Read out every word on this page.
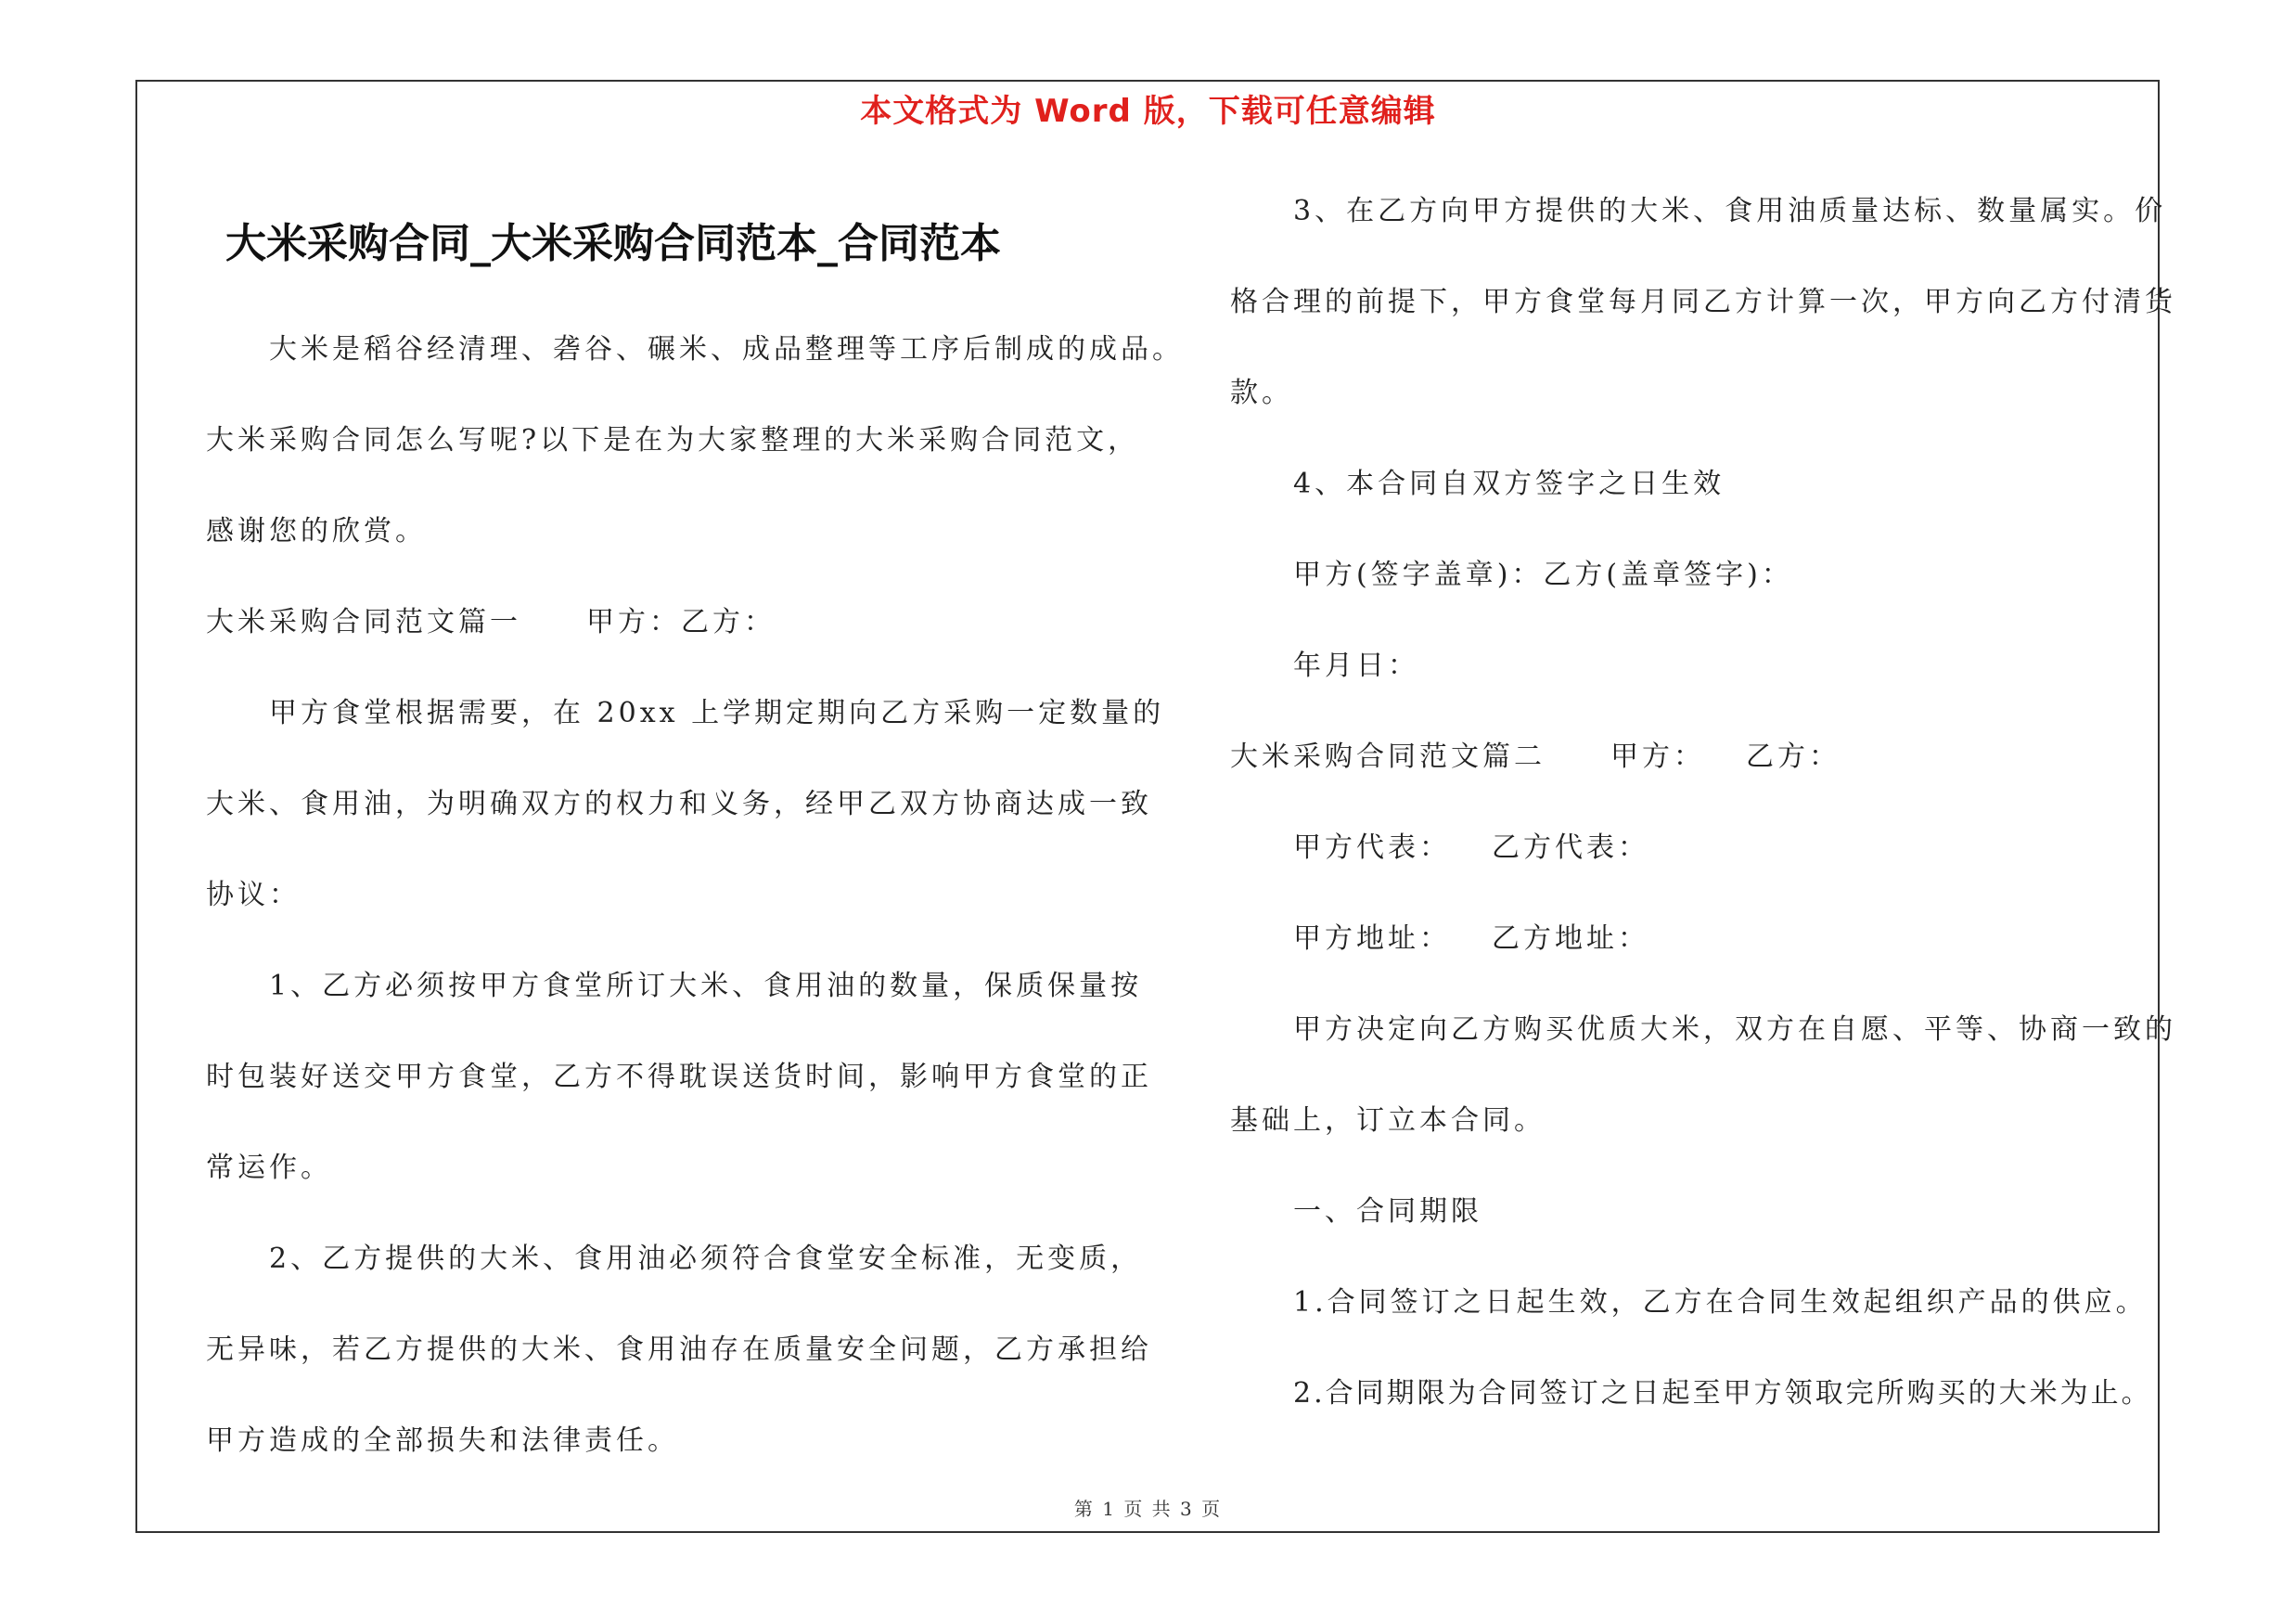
本文格式为 Word 版，下载可任意编辑
大米采购合同_大米采购合同范本_合同范本
大米是稻谷经清理、砻谷、碾米、成品整理等工序后制成的成品。
大米采购合同怎么写呢?以下是在为大家整理的大米采购合同范文，
感谢您的欣赏。
大米采购合同范文篇一 甲方：乙方：
甲方食堂根据需要，在 20xx 上学期定期向乙方采购一定数量的
大米、食用油，为明确双方的权力和义务，经甲乙双方协商达成一致
协议：
1、乙方必须按甲方食堂所订大米、食用油的数量，保质保量按
时包装好送交甲方食堂，乙方不得耽误送货时间，影响甲方食堂的正
常运作。
2、乙方提供的大米、食用油必须符合食堂安全标准，无变质，
无异味，若乙方提供的大米、食用油存在质量安全问题，乙方承担给
甲方造成的全部损失和法律责任。
3、在乙方向甲方提供的大米、食用油质量达标、数量属实。价
格合理的前提下，甲方食堂每月同乙方计算一次，甲方向乙方付清货
款。
4、本合同自双方签字之日生效
甲方(签字盖章)：乙方(盖章签字)：
年月日：
大米采购合同范文篇二 甲方： 乙方：
甲方代表： 乙方代表：
甲方地址： 乙方地址：
甲方决定向乙方购买优质大米，双方在自愿、平等、协商一致的
基础上，订立本合同。
一、合同期限
1.合同签订之日起生效，乙方在合同生效起组织产品的供应。
2.合同期限为合同签订之日起至甲方领取完所购买的大米为止。
第 1 页 共 3 页
